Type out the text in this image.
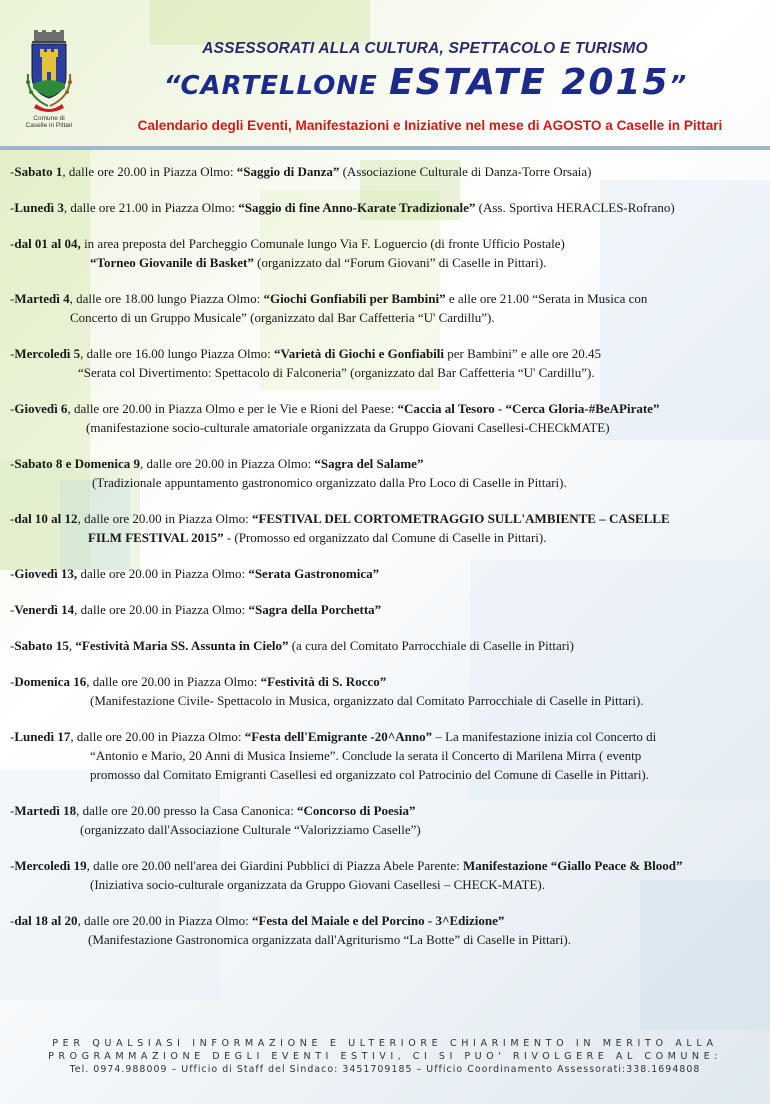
Comune di
Caselle in Pittari
ASSESSORATI ALLA CULTURA, SPETTACOLO E TURISMO
“CARTELLONE ESTATE 2015”
Calendario degli Eventi, Manifestazioni e Iniziative nel mese di AGOSTO a Caselle in Pittari
-Sabato 1, dalle ore 20.00 in Piazza Olmo: “Saggio di Danza” (Associazione Culturale di Danza-Torre Orsaia)
-Lunedì 3, dalle ore 21.00 in Piazza Olmo: “Saggio di fine Anno-Karate Tradizionale” (Ass. Sportiva HERACLES-Rofrano)
-dal 01 al 04, in area preposta del Parcheggio Comunale lungo Via F. Loguercio (di fronte Ufficio Postale)
“Torneo Giovanile di Basket” (organizzato dal “Forum Giovani” di Caselle in Pittari).
-Martedì 4, dalle ore 18.00 lungo Piazza Olmo: “Giochi Gonfiabili per Bambini” e alle ore 21.00 “Serata in Musica con
Concerto di un Gruppo Musicale” (organizzato dal Bar Caffetteria “U' Cardillu”).
-Mercoledì 5, dalle ore 16.00 lungo Piazza Olmo: “Varietà di Giochi e Gonfiabili per Bambini” e alle ore 20.45
“Serata col Divertimento: Spettacolo di Falconeria” (organizzato dal Bar Caffetteria “U' Cardillu”).
-Giovedì 6, dalle ore 20.00 in Piazza Olmo e per le Vie e Rioni del Paese: “Caccia al Tesoro - “Cerca Gloria-#BeAPirate”
(manifestazione socio-culturale amatoriale organizzata da Gruppo Giovani Casellesi-CHECkMATE)
-Sabato 8 e Domenica 9, dalle ore 20.00 in Piazza Olmo: “Sagra del Salame”
(Tradizionale appuntamento gastronomico organizzato dalla Pro Loco di Caselle in Pittari).
-dal 10 al 12, dalle ore 20.00 in Piazza Olmo: “FESTIVAL DEL CORTOMETRAGGIO SULL'AMBIENTE – CASELLE
FILM FESTIVAL 2015” - (Promosso ed organizzato dal Comune di Caselle in Pittari).
-Giovedì 13, dalle ore 20.00 in Piazza Olmo: “Serata Gastronomica”
-Venerdì 14, dalle ore 20.00 in Piazza Olmo: “Sagra della Porchetta”
-Sabato 15, “Festività Maria SS. Assunta in Cielo” (a cura del Comitato Parrocchiale di Caselle in Pittari)
-Domenica 16, dalle ore 20.00 in Piazza Olmo: “Festività di S. Rocco”
(Manifestazione Civile- Spettacolo in Musica, organizzato dal Comitato Parrocchiale di Caselle in Pittari).
-Lunedì 17, dalle ore 20.00 in Piazza Olmo: “Festa dell'Emigrante -20^Anno” – La manifestazione inizia col Concerto di
“Antonio e Mario, 20 Anni di Musica Insieme”. Conclude la serata il Concerto di Marilena Mirra ( eventp
promosso dal Comitato Emigranti Casellesi ed organizzato col Patrocinio del Comune di Caselle in Pittari).
-Martedì 18, dalle ore 20.00 presso la Casa Canonica: “Concorso di Poesia”
(organizzato dall'Associazione Culturale “Valorizziamo Caselle”)
-Mercoledì 19, dalle ore 20.00 nell'area dei Giardini Pubblici di Piazza Abele Parente: Manifestazione “Giallo Peace & Blood”
(Iniziativa socio-culturale organizzata da Gruppo Giovani Casellesi – CHECK-MATE).
-dal 18 al 20, dalle ore 20.00 in Piazza Olmo: “Festa del Maiale e del Porcino - 3^Edizione”
(Manifestazione Gastronomica organizzata dall'Agriturismo “La Botte” di Caselle in Pittari).
PER QUALSIASI INFORMAZIONE E ULTERIORE CHIARIMENTO IN MERITO ALLA
PROGRAMMAZIONE DEGLI EVENTI ESTIVI, CI SI PUO' RIVOLGERE AL COMUNE:
Tel. 0974.988009 – Ufficio di Staff del Sindaco: 3451709185 – Ufficio Coordinamento Assessorati:338.1694808
